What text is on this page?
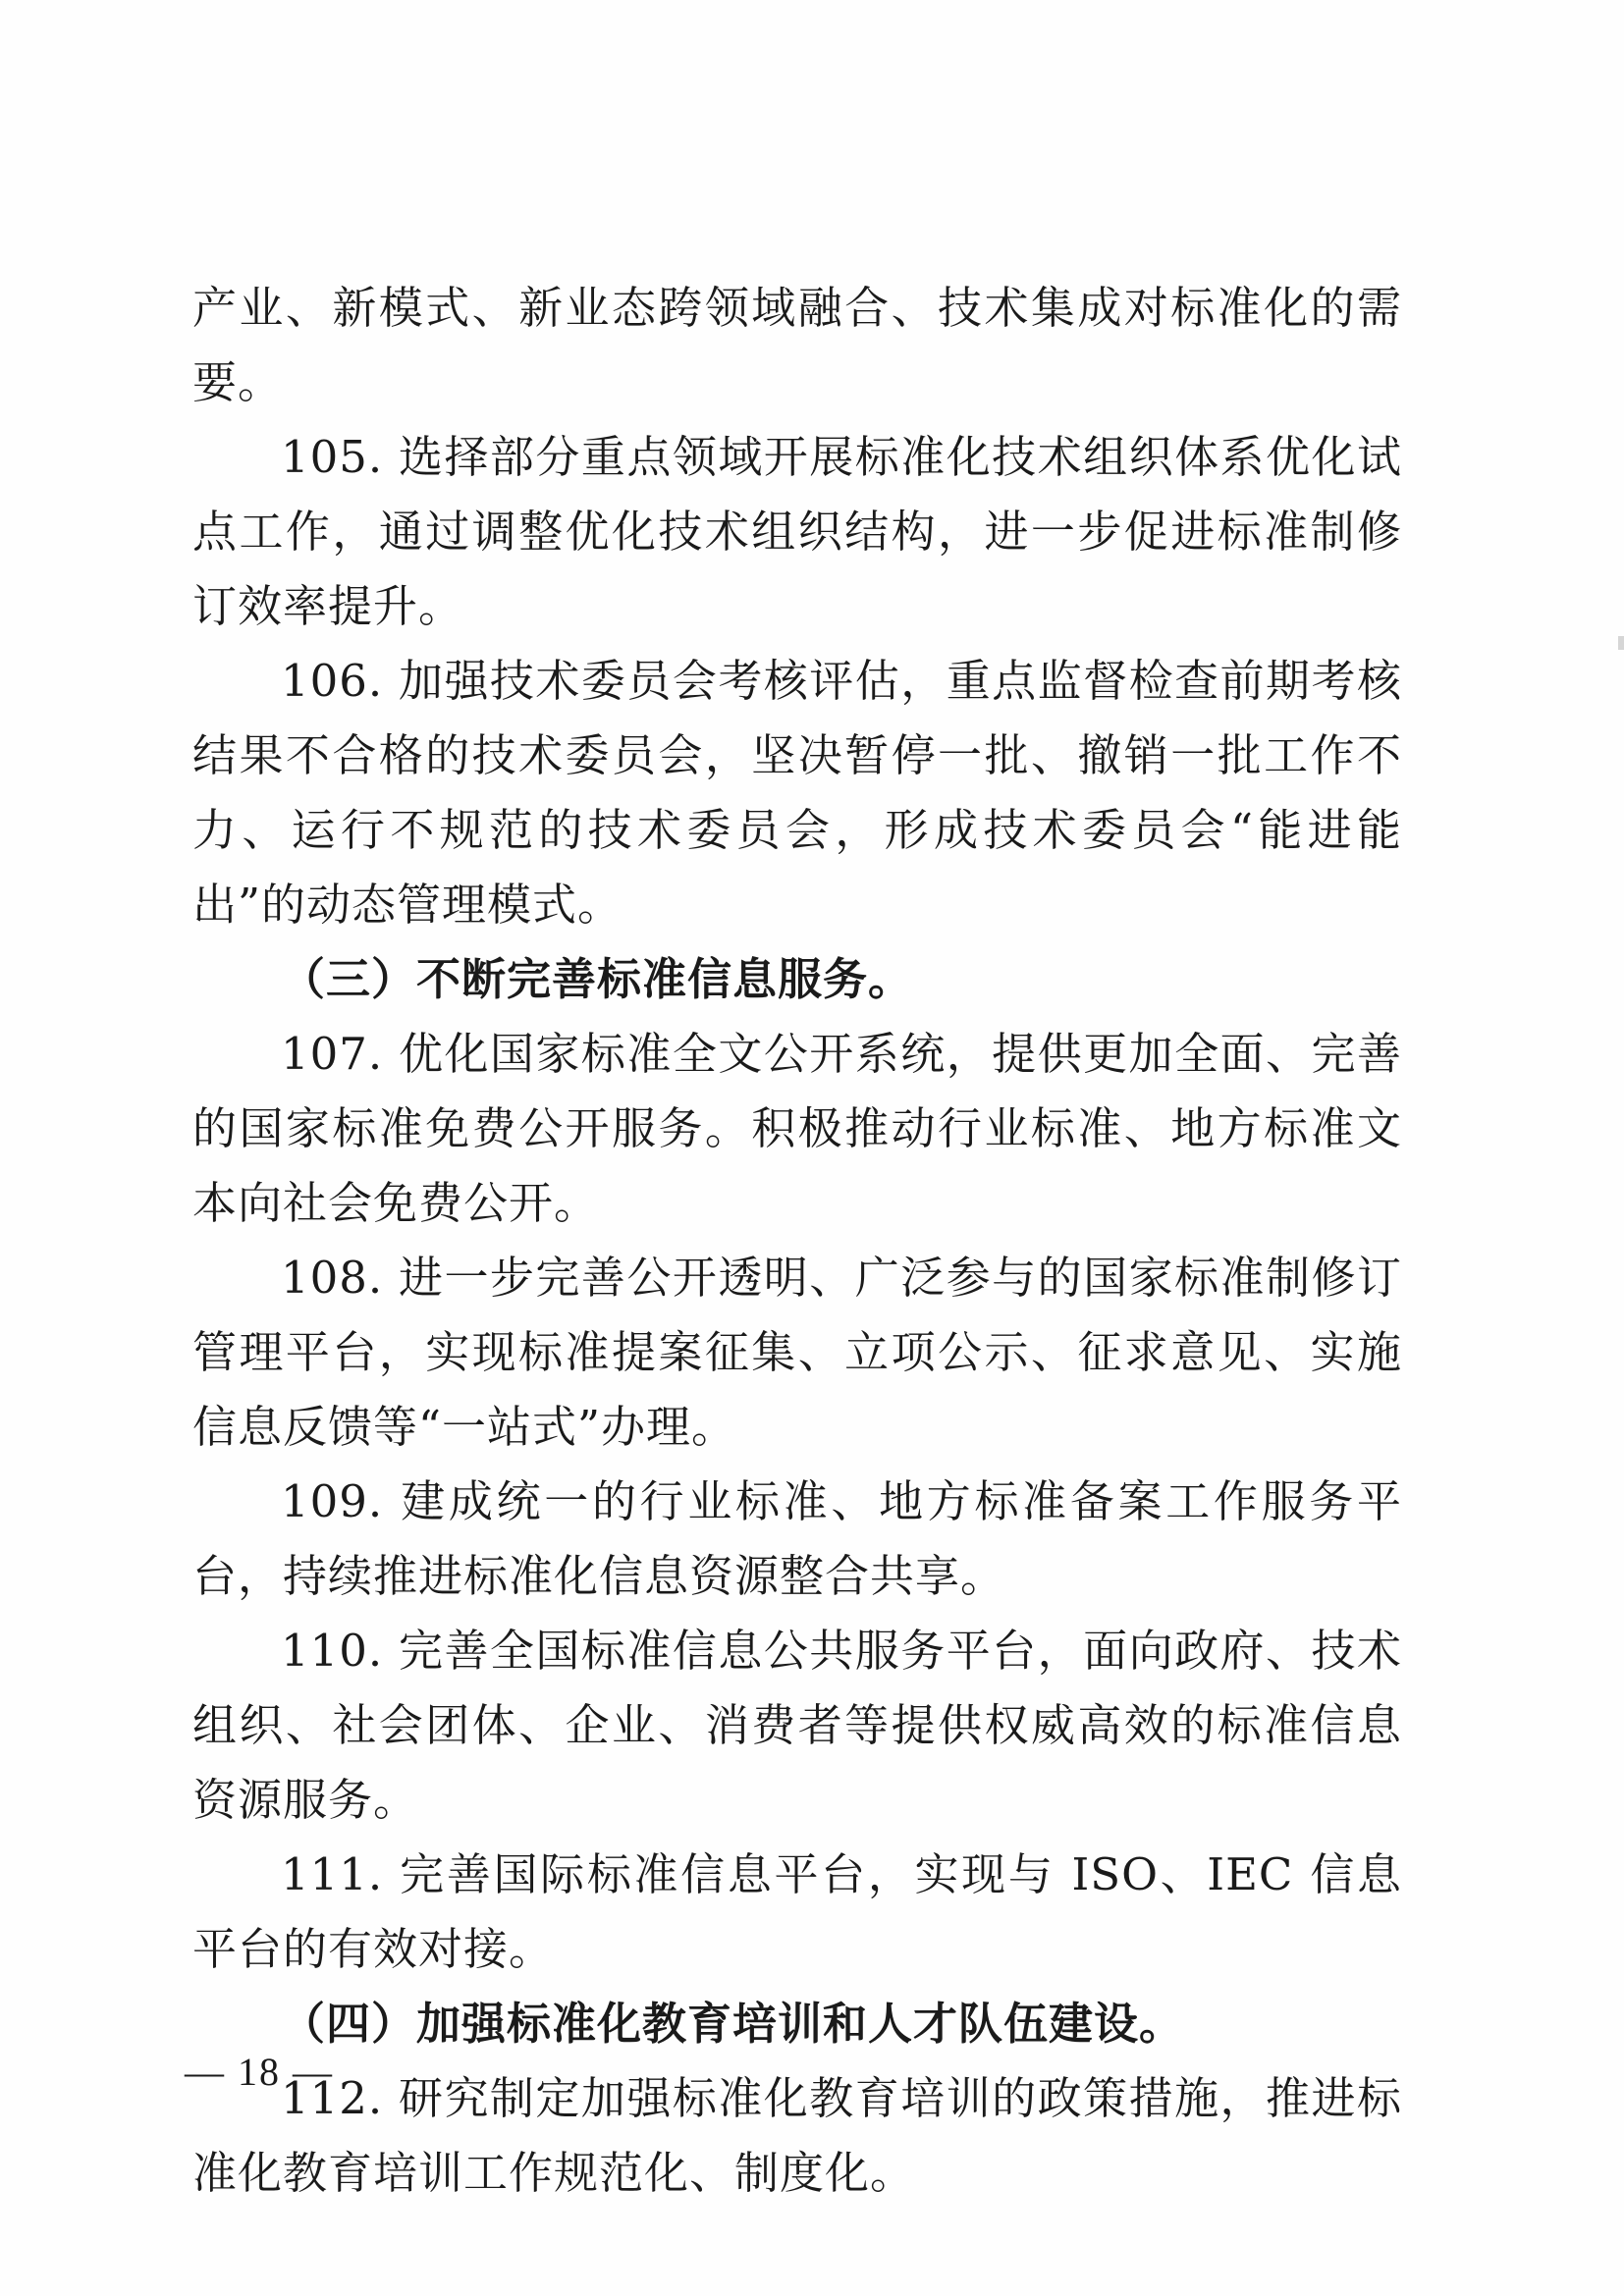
产业、新模式、新业态跨领域融合、技术集成对标准化的需要。

105. 选择部分重点领域开展标准化技术组织体系优化试点工作，通过调整优化技术组织结构，进一步促进标准制修订效率提升。

106. 加强技术委员会考核评估，重点监督检查前期考核结果不合格的技术委员会，坚决暂停一批、撤销一批工作不力、运行不规范的技术委员会，形成技术委员会“能进能出”的动态管理模式。

（三）不断完善标准信息服务。

107. 优化国家标准全文公开系统，提供更加全面、完善的国家标准免费公开服务。积极推动行业标准、地方标准文本向社会免费公开。

108. 进一步完善公开透明、广泛参与的国家标准制修订管理平台，实现标准提案征集、立项公示、征求意见、实施信息反馈等“一站式”办理。

109. 建成统一的行业标准、地方标准备案工作服务平台，持续推进标准化信息资源整合共享。

110. 完善全国标准信息公共服务平台，面向政府、技术组织、社会团体、企业、消费者等提供权威高效的标准信息资源服务。

111. 完善国际标准信息平台，实现与 ISO、IEC 信息平台的有效对接。

（四）加强标准化教育培训和人才队伍建设。

112. 研究制定加强标准化教育培训的政策措施，推进标准化教育培训工作规范化、制度化。

— 18 —
